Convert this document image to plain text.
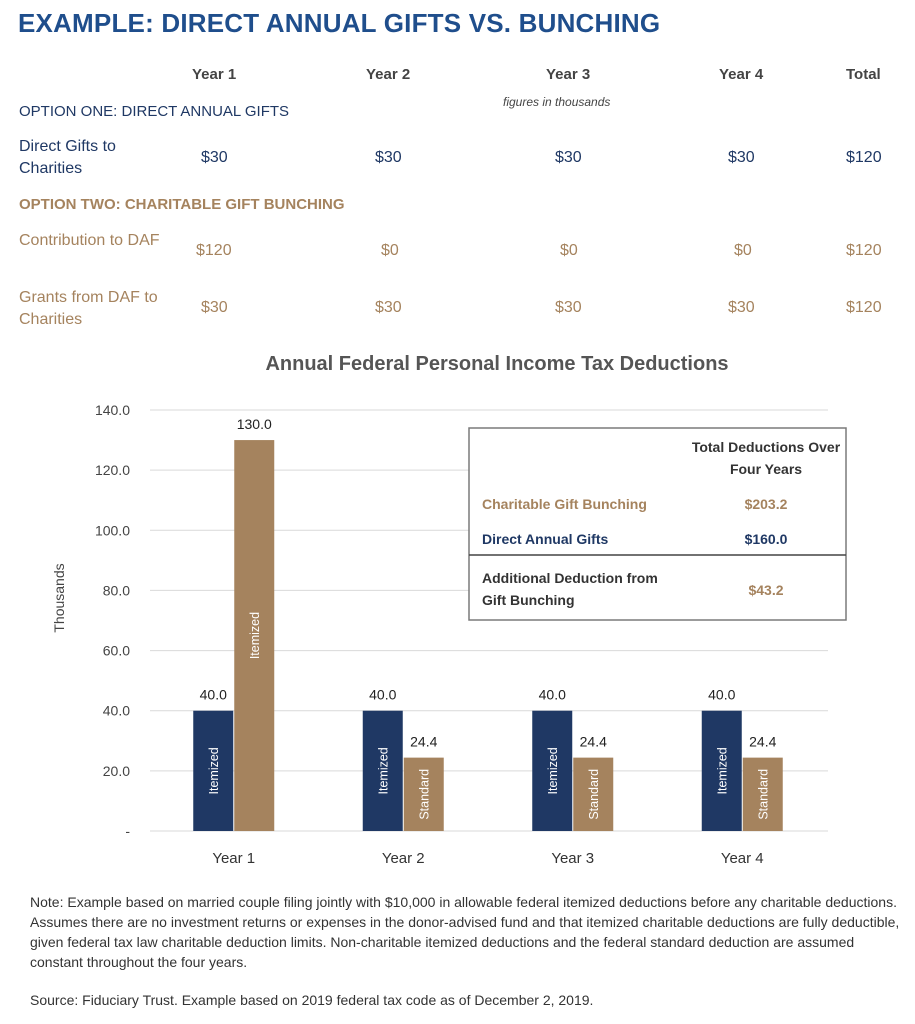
EXAMPLE: DIRECT ANNUAL GIFTS VS. BUNCHING
Year 1	Year 2	Year 3	Year 4	Total
figures in thousands
OPTION ONE: DIRECT ANNUAL GIFTS
Direct Gifts to Charities
$30	$30	$30	$30	$120
OPTION TWO: CHARITABLE GIFT BUNCHING
Contribution to DAF
$120	$0	$0	$0	$120
Grants from DAF to Charities
$30	$30	$30	$30	$120
Annual Federal Personal Income Tax Deductions
Thousands
-
20.0
40.0
60.0
80.0
100.0
120.0
140.0
40.0
Itemized
130.0
Itemized
40.0
Itemized
24.4
Standard
40.0
Itemized
24.4
Standard
40.0
Itemized
24.4
Standard
Year 1	Year 2	Year 3	Year 4
Total Deductions Over Four Years
Charitable Gift Bunching	$203.2
Direct Annual Gifts	$160.0
Additional Deduction from Gift Bunching
$43.2
Note: Example based on married couple filing jointly with $10,000 in allowable federal itemized deductions before any charitable deductions. Assumes there are no investment returns or expenses in the donor-advised fund and that itemized charitable deductions are fully deductible, given federal tax law charitable deduction limits. Non-charitable itemized deductions and the federal standard deduction are assumed constant throughout the four years.
Source: Fiduciary Trust. Example based on 2019 federal tax code as of December 2, 2019.
